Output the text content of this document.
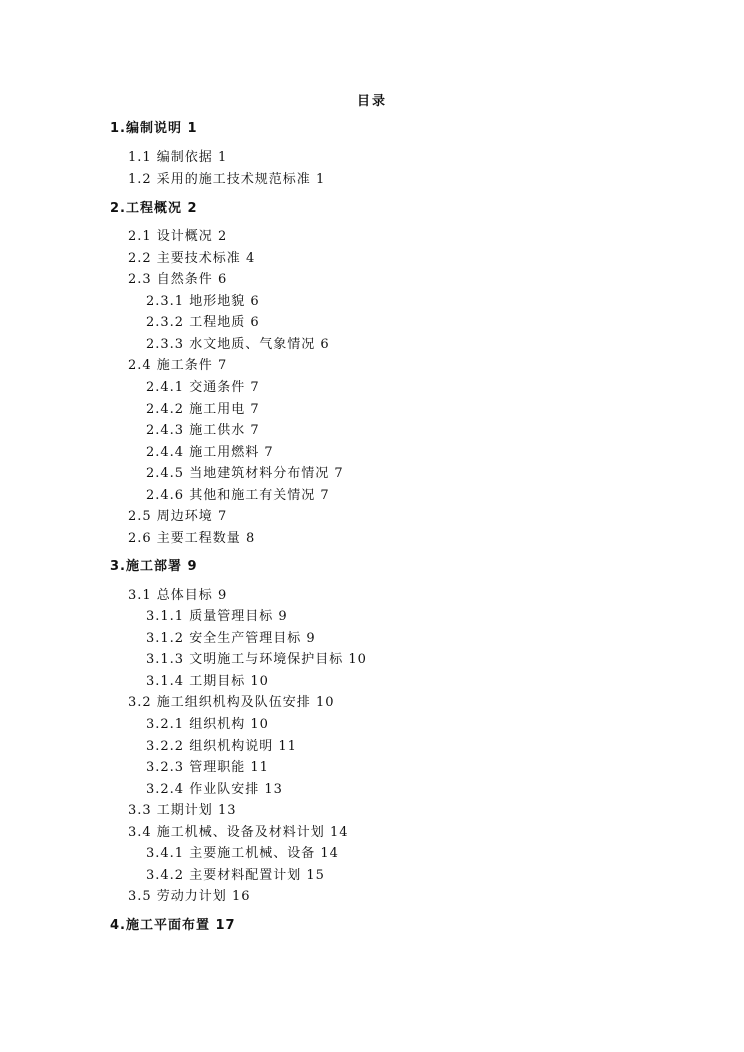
目录
1.编制说明 1
1.1 编制依据 1
1.2 采用的施工技术规范标准 1
2.工程概况 2
2.1 设计概况 2
2.2 主要技术标准 4
2.3 自然条件 6
2.3.1 地形地貌 6
2.3.2 工程地质 6
2.3.3 水文地质、气象情况 6
2.4 施工条件 7
2.4.1 交通条件 7
2.4.2 施工用电 7
2.4.3 施工供水 7
2.4.4 施工用燃料 7
2.4.5 当地建筑材料分布情况 7
2.4.6 其他和施工有关情况 7
2.5 周边环境 7
2.6 主要工程数量 8
3.施工部署 9
3.1 总体目标 9
3.1.1 质量管理目标 9
3.1.2 安全生产管理目标 9
3.1.3 文明施工与环境保护目标 10
3.1.4 工期目标 10
3.2 施工组织机构及队伍安排 10
3.2.1 组织机构 10
3.2.2 组织机构说明 11
3.2.3 管理职能 11
3.2.4 作业队安排 13
3.3 工期计划 13
3.4 施工机械、设备及材料计划 14
3.4.1 主要施工机械、设备 14
3.4.2 主要材料配置计划 15
3.5 劳动力计划 16
4.施工平面布置 17
